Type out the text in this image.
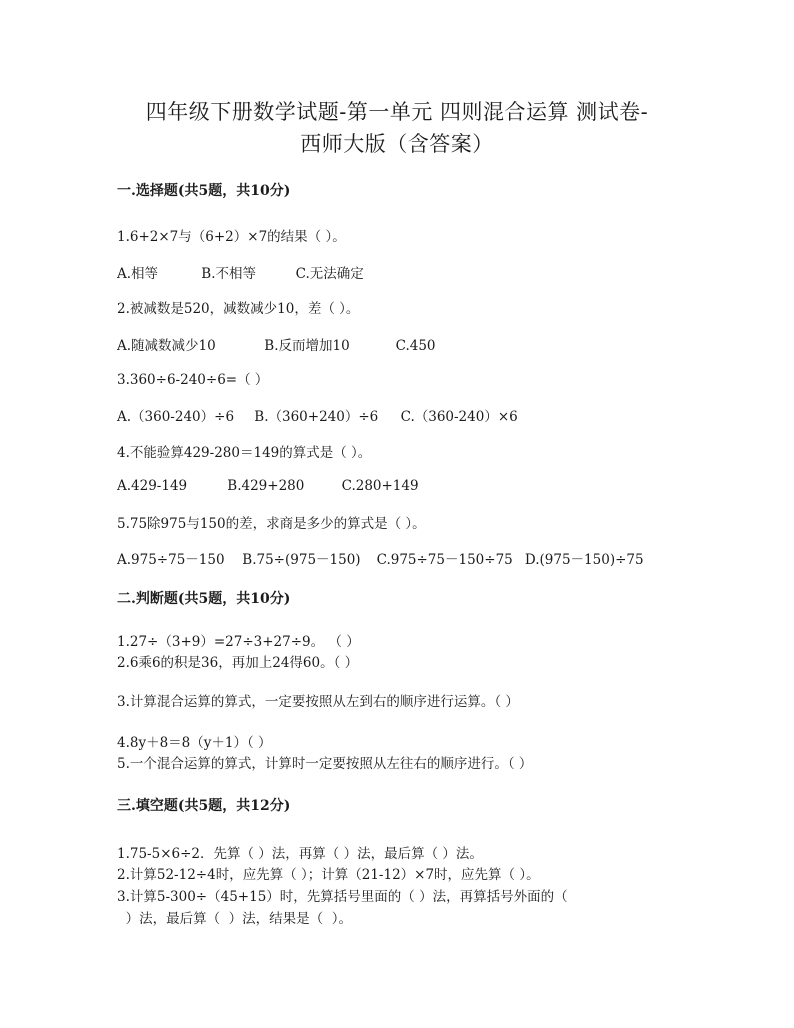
四年级下册数学试题-第一单元 四则混合运算 测试卷-
西师大版（含答案）
一.选择题(共5题，共10分)
1.6+2×7与（6+2）×7的结果（ ）。
A.相等	B.不相等	C.无法确定
2.被减数是520，减数减少10，差（ ）。
A.随减数减少10	B.反而增加10	C.450
3.360÷6-240÷6=（ ）
A.（360-240）÷6 B.（360+240）÷6 C.（360-240）×6
4.不能验算429-280＝149的算式是（ ）。
A.429-149	B.429+280	C.280+149
5.75除975与150的差，求商是多少的算式是（ ）。
A.975÷75－150 B.75÷(975－150) C.975÷75－150÷75 D.(975－150)÷75
二.判断题(共5题，共10分)
1.27÷（3+9）=27÷3+27÷9。 （ ）
2.6乘6的积是36，再加上24得60。（ ）
3.计算混合运算的算式，一定要按照从左到右的顺序进行运算。（ ）
4.8y＋8＝8（y＋1）（ ）
5.一个混合运算的算式，计算时一定要按照从左往右的顺序进行。（ ）
三.填空题(共5题，共12分)
1.75-5×6÷2．先算（ ）法，再算（ ）法，最后算（ ）法。
2.计算52-12÷4时，应先算（ ）；计算（21-12）×7时，应先算（ ）。
3.计算5-300÷（45+15）时，先算括号里面的（ ）法，再算括号外面的（
）法，最后算（  ）法，结果是（  ）。
